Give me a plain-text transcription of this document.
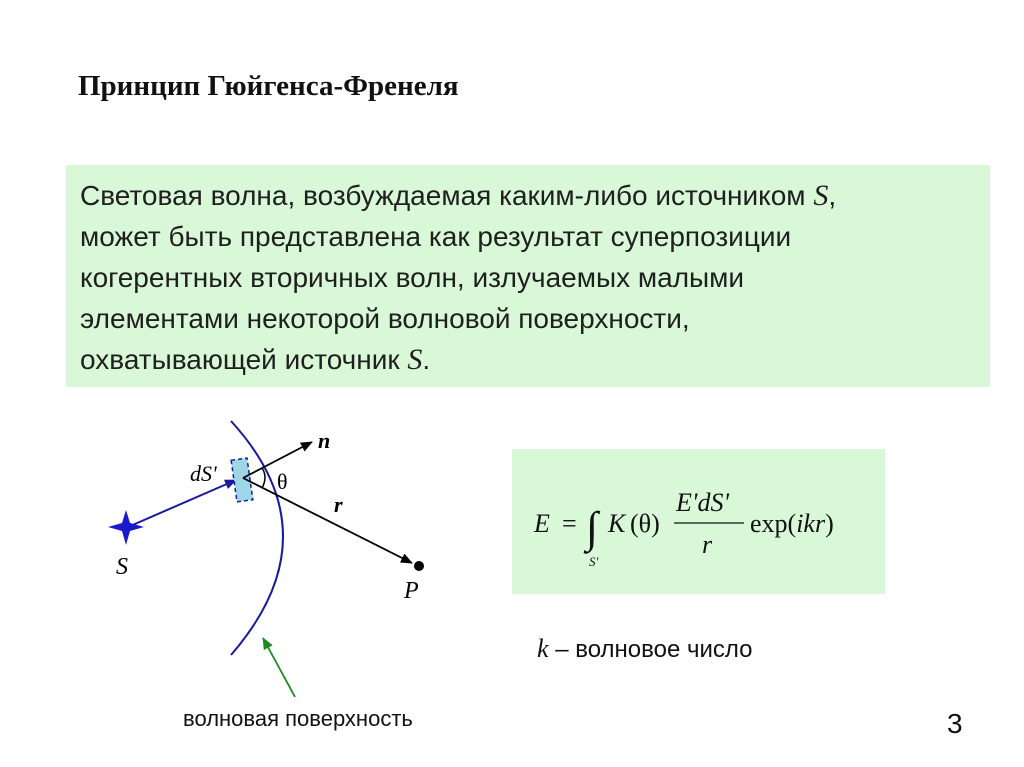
Принцип Гюйгенса-Френеля
Световая волна, возбуждаемая каким-либо источником S,
может быть представлена как результат суперпозиции
когерентных вторичных волн, излучаемых малыми
элементами некоторой волновой поверхности,
охватывающей источник S.
n
dS'	θ
r
S
P
E = ∫
S'
K (θ)
E'dS'
r
exp(ikr)
k – волновое число
волновая поверхность	3
